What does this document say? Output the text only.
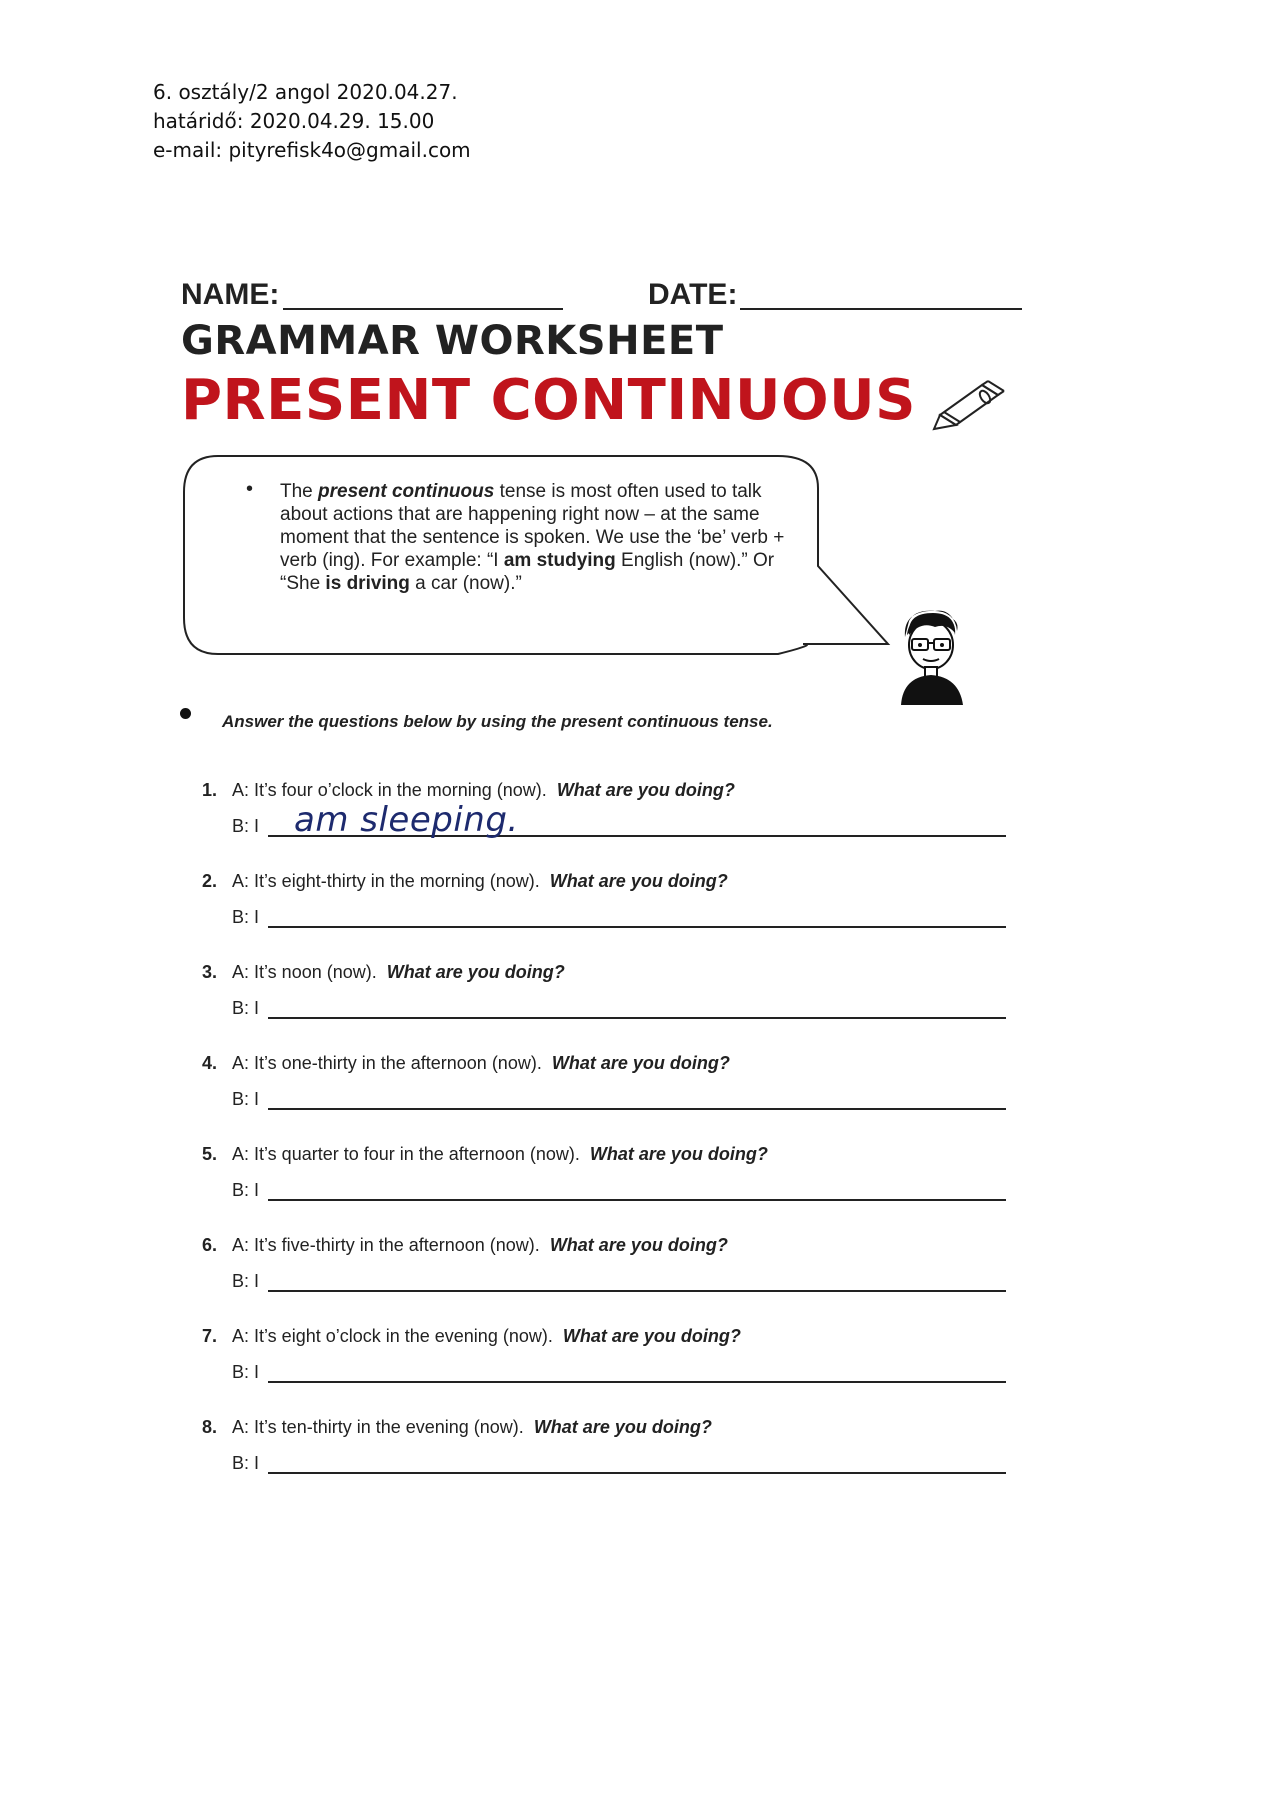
6. osztály/2 angol 2020.04.27.
határidő: 2020.04.29. 15.00
e-mail: pityrefisk4o@gmail.com
NAME:	DATE:
GRAMMAR WORKSHEET
PRESENT CONTINUOUS
• The present continuous tense is most often used to talk about actions that are happening right now – at the same moment that the sentence is spoken. We use the ‘be’ verb + verb (ing). For example: “I am studying English (now).” Or “She is driving a car (now).”
Answer the questions below by using the present continuous tense.
1. A: It’s four o’clock in the morning (now). What are you doing?
B: I am sleeping.
2. A: It’s eight-thirty in the morning (now). What are you doing?
B: I
3. A: It’s noon (now). What are you doing?
B: I
4. A: It’s one-thirty in the afternoon (now). What are you doing?
B: I
5. A: It’s quarter to four in the afternoon (now). What are you doing?
B: I
6. A: It’s five-thirty in the afternoon (now). What are you doing?
B: I
7. A: It’s eight o’clock in the evening (now). What are you doing?
B: I
8. A: It’s ten-thirty in the evening (now). What are you doing?
B: I
